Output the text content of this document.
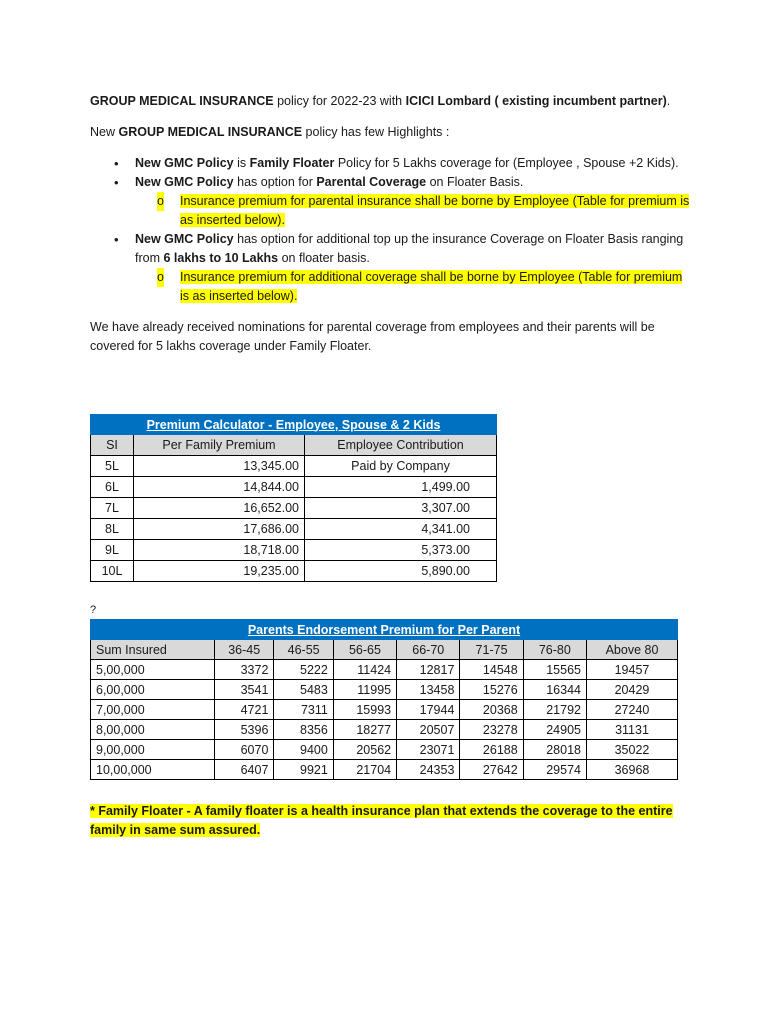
GROUP MEDICAL INSURANCE policy for 2022-23 with ICICI Lombard ( existing incumbent partner).

New GROUP MEDICAL INSURANCE policy has few Highlights :

• New GMC Policy is Family Floater Policy for 5 Lakhs coverage for (Employee , Spouse +2 Kids).
• New GMC Policy has option for Parental Coverage on Floater Basis.
o Insurance premium for parental insurance shall be borne by Employee (Table for premium is as inserted below).
• New GMC Policy has option for additional top up the insurance Coverage on Floater Basis ranging from 6 lakhs to 10 Lakhs on floater basis.
o Insurance premium for additional coverage shall be borne by Employee (Table for premium is as inserted below).

We have already received nominations for parental coverage from employees and their parents will be covered for 5 lakhs coverage under Family Floater.

Premium Calculator - Employee, Spouse & 2 Kids		
SI	Per Family Premium	Employee Contribution
5L	13,345.00	Paid by Company
6L	14,844.00	1,499.00
7L	16,652.00	3,307.00
8L	17,686.00	4,341.00
9L	18,718.00	5,373.00
10L	19,235.00	5,890.00
?
Parents Endorsement Premium for Per Parent							
Sum Insured	36-45	46-55	56-65	66-70	71-75	76-80	Above 80
5,00,000	3372	5222	11424	12817	14548	15565	19457
6,00,000	3541	5483	11995	13458	15276	16344	20429
7,00,000	4721	7311	15993	17944	20368	21792	27240
8,00,000	5396	8356	18277	20507	23278	24905	31131
9,00,000	6070	9400	20562	23071	26188	28018	35022
10,00,000	6407	9921	21704	24353	27642	29574	36968

* Family Floater - A family floater is a health insurance plan that extends the coverage to the entire family in same sum assured.
